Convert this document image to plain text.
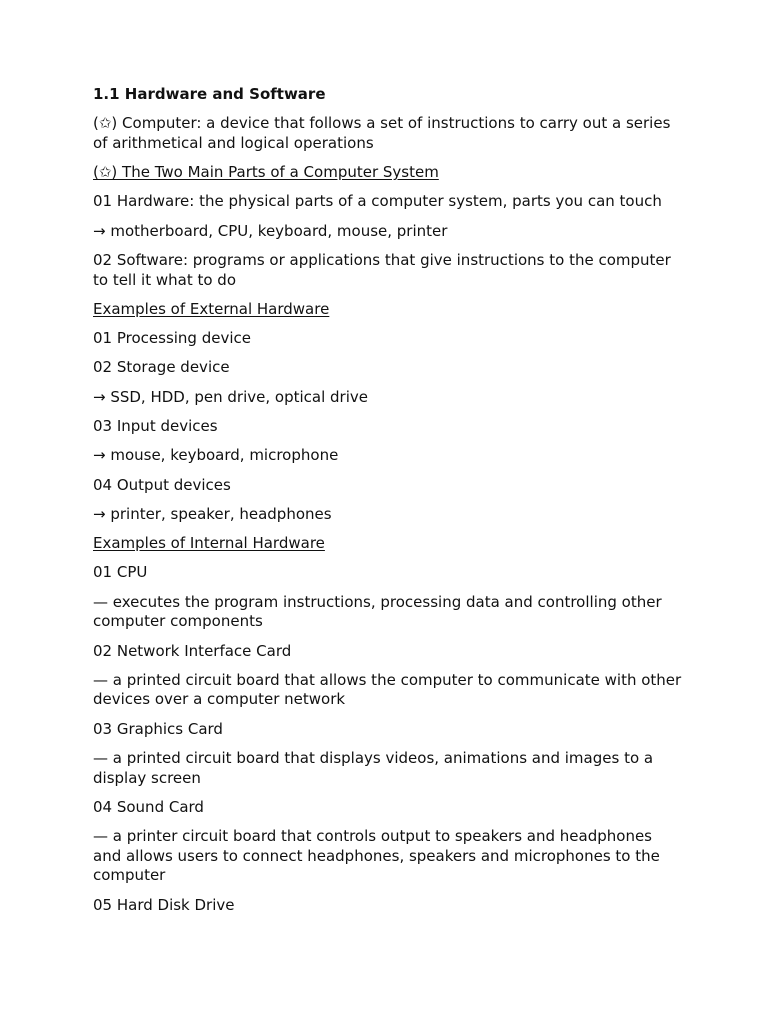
1.1 Hardware and Software

(✩) Computer: a device that follows a set of instructions to carry out a series of arithmetical and logical operations

(✩) The Two Main Parts of a Computer System

01 Hardware: the physical parts of a computer system, parts you can touch

→ motherboard, CPU, keyboard, mouse, printer

02 Software: programs or applications that give instructions to the computer to tell it what to do

Examples of External Hardware

01 Processing device

02 Storage device

→ SSD, HDD, pen drive, optical drive

03 Input devices

→ mouse, keyboard, microphone

04 Output devices

→ printer, speaker, headphones

Examples of Internal Hardware

01 CPU

— executes the program instructions, processing data and controlling other computer components

02 Network Interface Card

— a printed circuit board that allows the computer to communicate with other devices over a computer network

03 Graphics Card

— a printed circuit board that displays videos, animations and images to a display screen

04 Sound Card

— a printer circuit board that controls output to speakers and headphones and allows users to connect headphones, speakers and microphones to the computer

05 Hard Disk Drive
